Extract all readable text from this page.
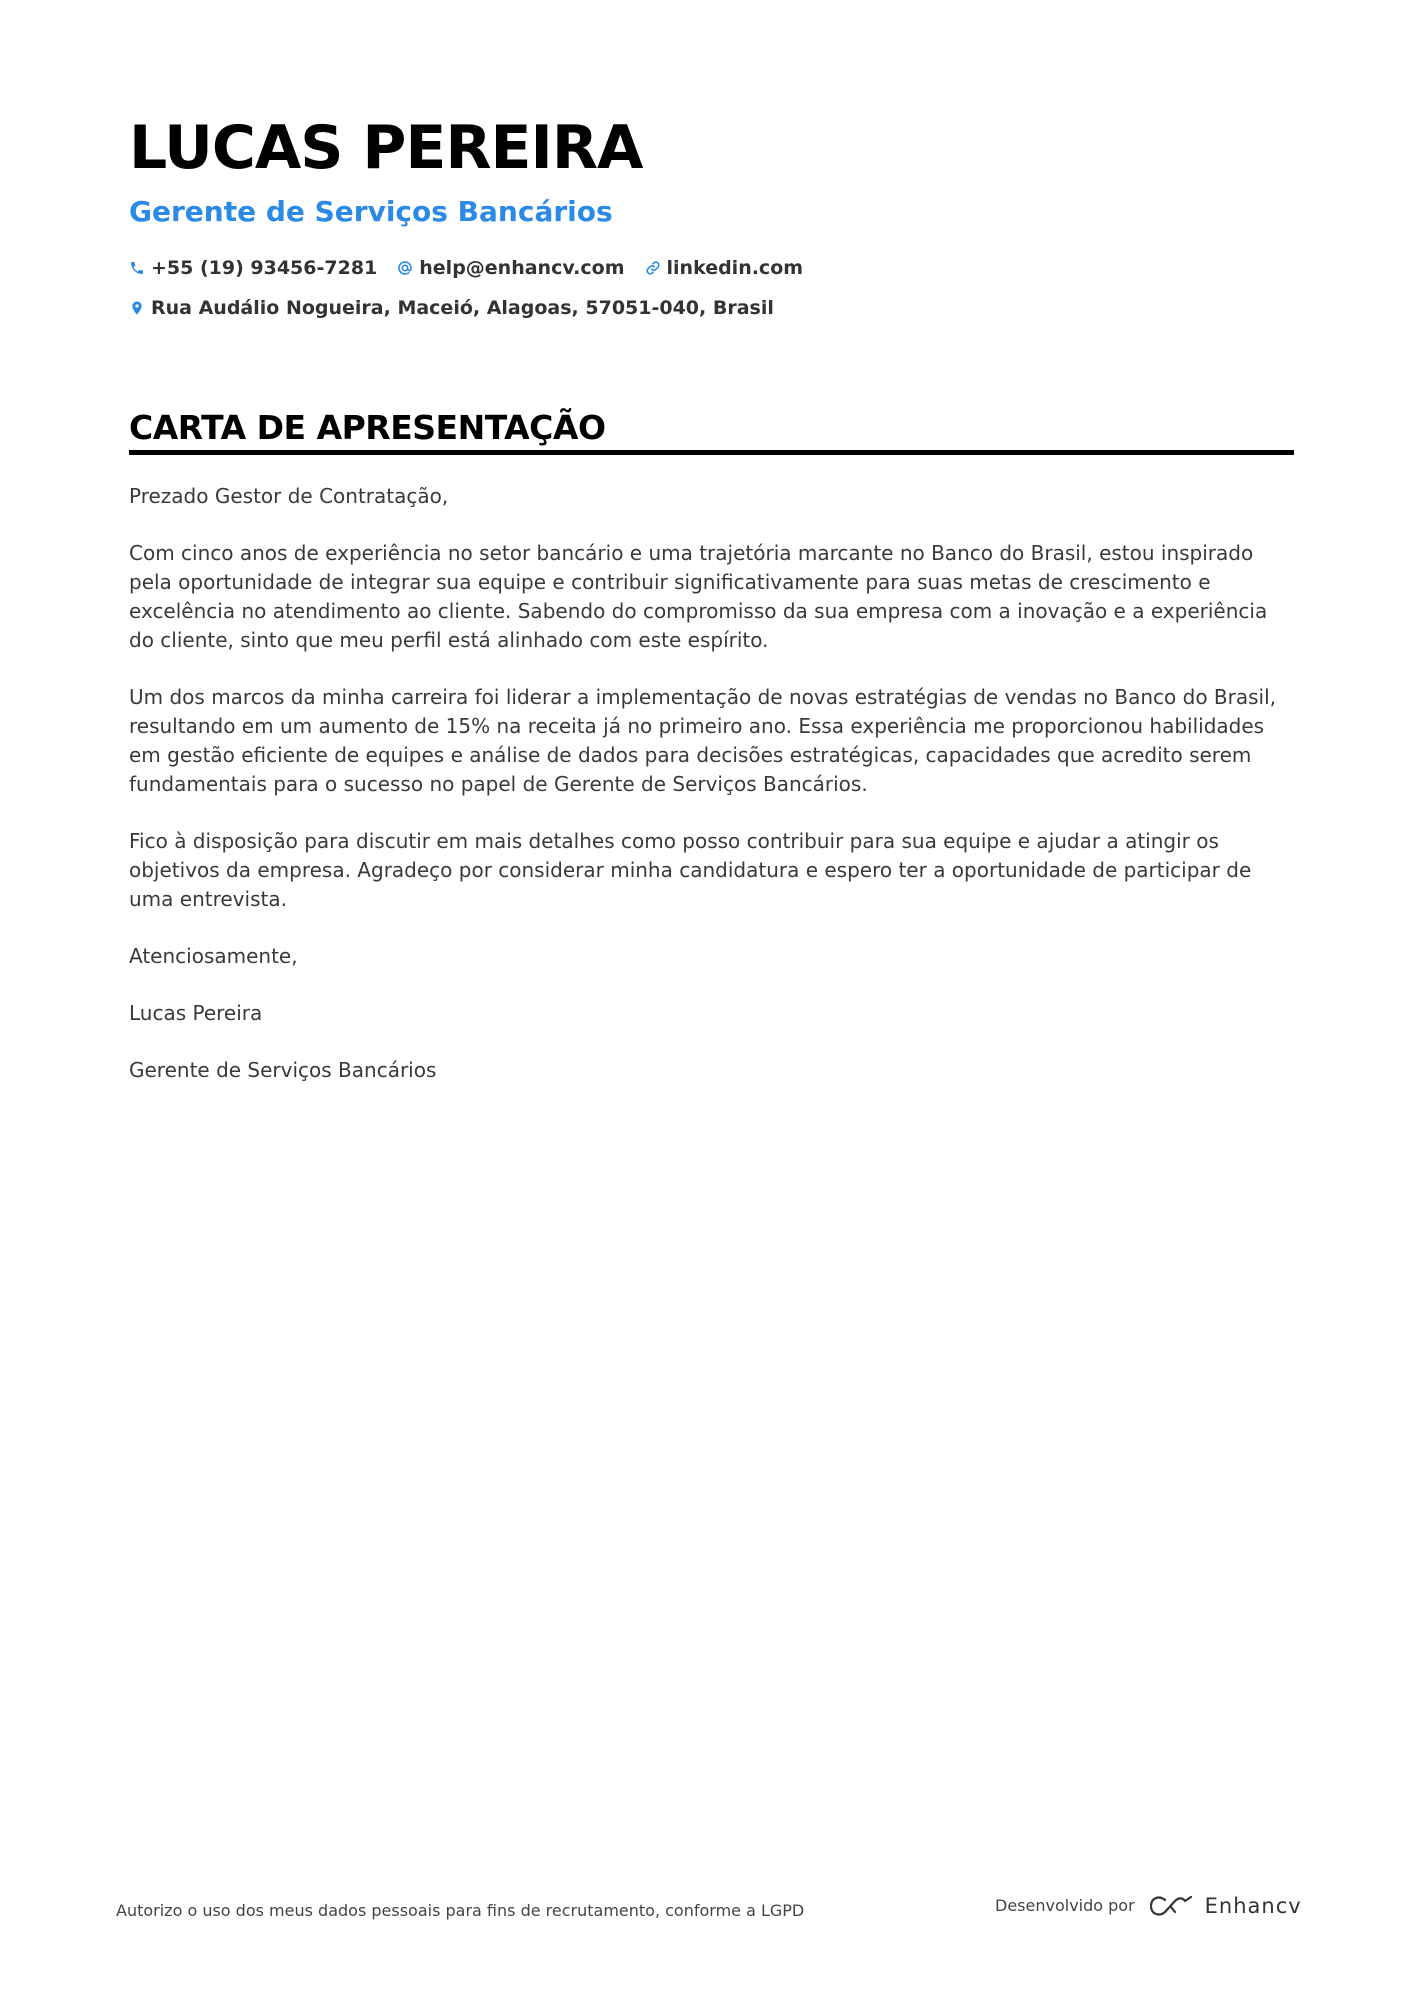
LUCAS PEREIRA
Gerente de Serviços Bancários
+55 (19) 93456-7281 help@enhancv.com linkedin.com
Rua Audálio Nogueira, Maceió, Alagoas, 57051-040, Brasil
CARTA DE APRESENTAÇÃO

Prezado Gestor de Contratação,

Com cinco anos de experiência no setor bancário e uma trajetória marcante no Banco do Brasil, estou inspirado pela oportunidade de integrar sua equipe e contribuir significativamente para suas metas de crescimento e excelência no atendimento ao cliente. Sabendo do compromisso da sua empresa com a inovação e a experiência do cliente, sinto que meu perfil está alinhado com este espírito.

Um dos marcos da minha carreira foi liderar a implementação de novas estratégias de vendas no Banco do Brasil, resultando em um aumento de 15% na receita já no primeiro ano. Essa experiência me proporcionou habilidades em gestão eficiente de equipes e análise de dados para decisões estratégicas, capacidades que acredito serem fundamentais para o sucesso no papel de Gerente de Serviços Bancários.

Fico à disposição para discutir em mais detalhes como posso contribuir para sua equipe e ajudar a atingir os objetivos da empresa. Agradeço por considerar minha candidatura e espero ter a oportunidade de participar de uma entrevista.

Atenciosamente,

Lucas Pereira

Gerente de Serviços Bancários

Autorizo o uso dos meus dados pessoais para fins de recrutamento, conforme a LGPD	Desenvolvido por	Enhancv
